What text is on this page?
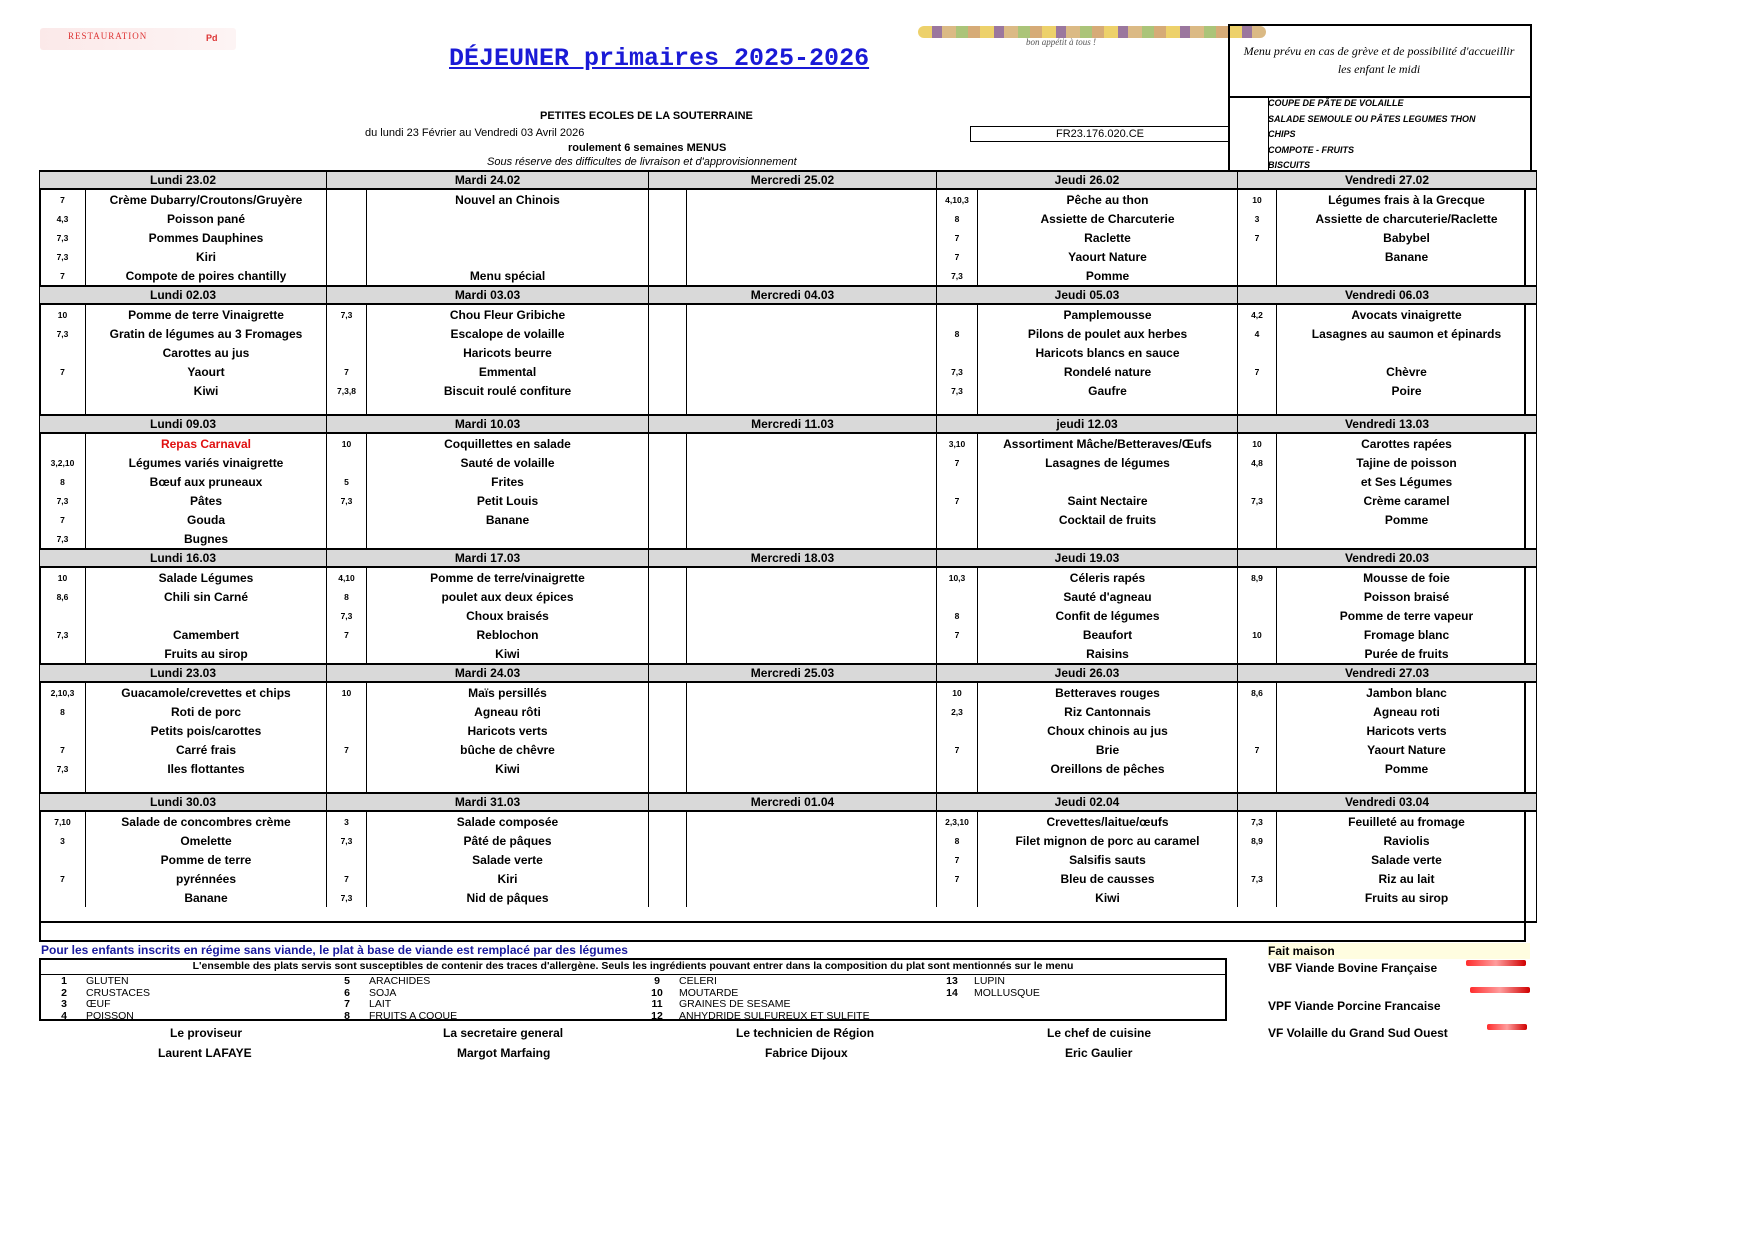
RESTAURATION	Pd
DÉJEUNER primaires 2025-2026
bon appétit à tous !
PETITES ECOLES DE LA SOUTERRAINE
du lundi 23 Février au Vendredi 03 Avril 2026	FR23.176.020.CE
roulement 6 semaines MENUS
Sous réserve des difficultes de livraison et d'approvisionnement
Menu prévu en cas de grève et de possibilité d'accueillir les enfant le midi
COUPE DE PÂTE DE VOLAILLE
SALADE SEMOULE OU PÂTES LEGUMES THON
CHIPS
COMPOTE - FRUITS
BISCUITS
Lundi 23.02		Mardi 24.02		Mercredi 25.02		Jeudi 26.02		Vendredi 27.02	
7	Crème Dubarry/Croutons/Gruyère		Nouvel an Chinois			4,10,3	Pêche au thon	10	Légumes frais à la Grecque
4,3	Poisson pané					8	Assiette de Charcuterie	3	Assiette de charcuterie/Raclette
7,3	Pommes Dauphines					7	Raclette	7	Babybel
7,3	Kiri					7	Yaourt Nature		Banane
7	Compote de poires chantilly		Menu spécial			7,3	Pomme		
Lundi 02.03		Mardi 03.03		Mercredi 04.03		Jeudi 05.03		Vendredi 06.03	
10	Pomme de terre Vinaigrette	7,3	Chou Fleur Gribiche				Pamplemousse	4,2	Avocats vinaigrette
7,3	Gratin de légumes au 3 Fromages		Escalope de volaille			8	Pilons de poulet aux herbes	4	Lasagnes au saumon et épinards
	Carottes au jus		Haricots beurre				Haricots blancs en sauce		
7	Yaourt	7	Emmental			7,3	Rondelé nature	7	Chèvre
	Kiwi	7,3,8	Biscuit roulé confiture			7,3	Gaufre		Poire

Lundi 09.03		Mardi 10.03		Mercredi 11.03		jeudi 12.03		Vendredi 13.03	
	Repas Carnaval	10	Coquillettes en salade			3,10	Assortiment Mâche/Betteraves/Œufs	10	Carottes rapées
3,2,10	Légumes variés vinaigrette		Sauté de volaille			7	Lasagnes de légumes	4,8	Tajine de poisson
8	Bœuf aux pruneaux	5	Frites						et Ses Légumes
7,3	Pâtes	7,3	Petit Louis			7	Saint Nectaire	7,3	Crème caramel
7	Gouda		Banane				Cocktail de fruits		Pomme
7,3	Bugnes								
Lundi 16.03		Mardi 17.03		Mercredi 18.03		Jeudi 19.03		Vendredi 20.03	
10	Salade Légumes	4,10	Pomme de terre/vinaigrette			10,3	Céleris rapés	8,9	Mousse de foie
8,6	Chili sin Carné	8	poulet aux deux épices				Sauté d'agneau		Poisson braisé
		7,3	Choux braisés			8	Confit de légumes		Pomme de terre vapeur
7,3	Camembert	7	Reblochon			7	Beaufort	10	Fromage blanc
	Fruits au sirop		Kiwi				Raisins		Purée de fruits
Lundi 23.03		Mardi 24.03		Mercredi 25.03		Jeudi 26.03		Vendredi 27.03	
2,10,3	Guacamole/crevettes et chips	10	Maïs persillés			10	Betteraves rouges	8,6	Jambon blanc
8	Roti de porc		Agneau rôti			2,3	Riz Cantonnais		Agneau roti
	Petits pois/carottes		Haricots verts				Choux chinois au jus		Haricots verts
7	Carré frais	7	bûche de chêvre			7	Brie	7	Yaourt Nature
7,3	Iles flottantes		Kiwi				Oreillons de pêches		Pomme

Lundi 30.03		Mardi 31.03		Mercredi 01.04		Jeudi 02.04		Vendredi 03.04	
7,10	Salade de concombres crème	3	Salade composée			2,3,10	Crevettes/laitue/œufs	7,3	Feuilleté au fromage
3	Omelette	7,3	Pâté de pâques			8	Filet mignon de porc au caramel	8,9	Raviolis
	Pomme de terre		Salade verte			7	Salsifis sauts		Salade verte
7	pyrénnées	7	Kiri			7	Bleu de causses	7,3	Riz au lait
	Banane	7,3	Nid de pâques				Kiwi		Fruits au sirop

Pour les enfants inscrits en régime sans viande, le plat à base de viande est remplacé par des légumes
L'ensemble des plats servis sont susceptibles de contenir des traces d'allergène. Seuls les ingrédients pouvant entrer dans la composition du plat sont mentionnés sur le menu
1 GLUTEN
2 CRUSTACES
3 ŒUF
4 POISSON
5 ARACHIDES
6 SOJA
7 LAIT
8 FRUITS A COQUE
9 CELERI
10 MOUTARDE
11 GRAINES DE SESAME
12 ANHYDRIDE SULFUREUX ET SULFITE
13 LUPIN
14 MOLLUSQUE
Fait maison
VBF Viande Bovine Française
VPF Viande Porcine Francaise
VF Volaille du Grand Sud Ouest
Le proviseur
Laurent LAFAYE
La secretaire general
Margot Marfaing
Le technicien de Région
Fabrice Dijoux
Le chef de cuisine
Eric Gaulier
